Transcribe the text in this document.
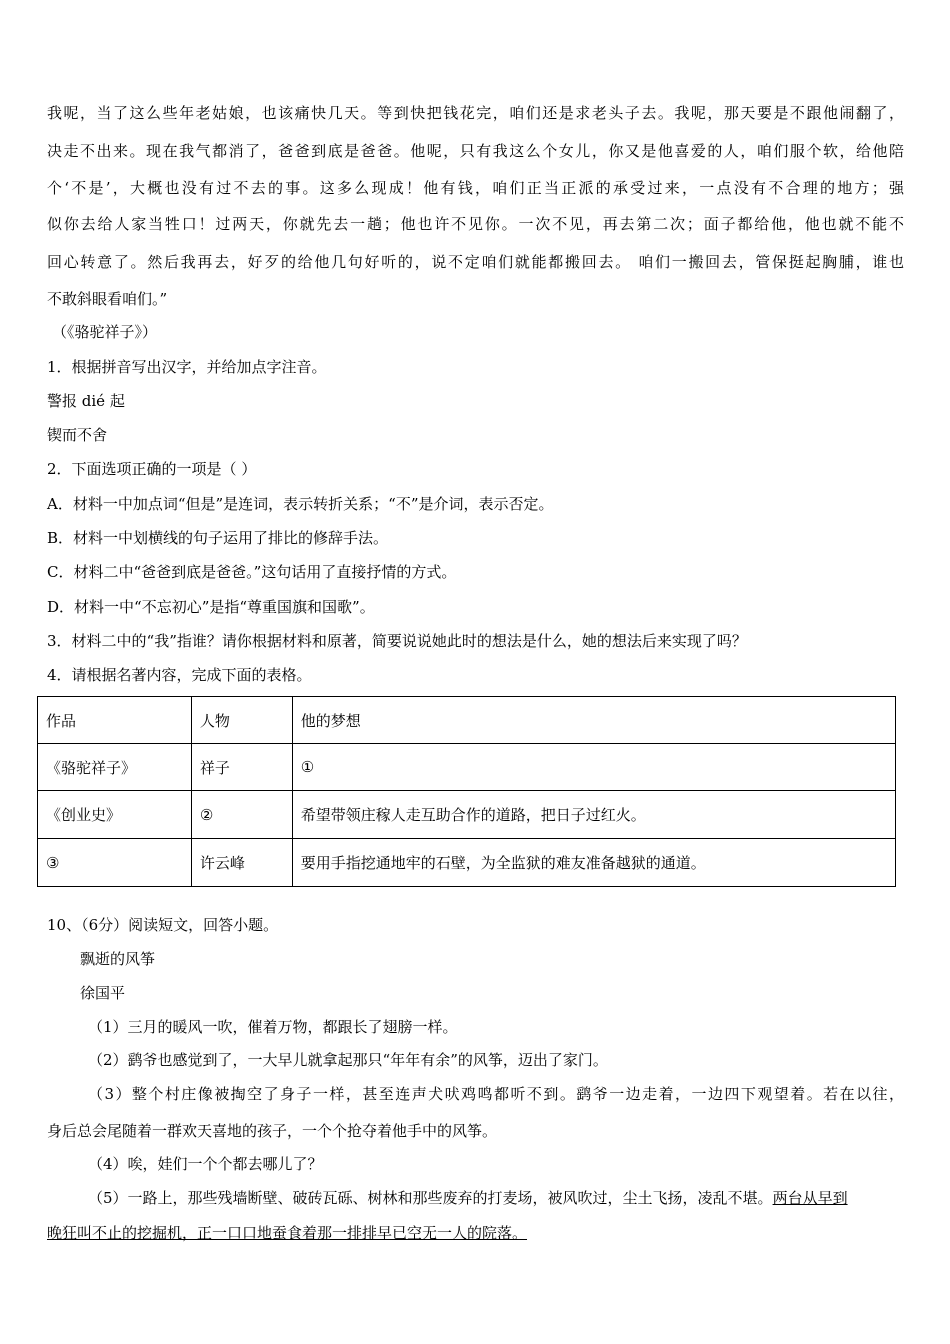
我呢，当了这么些年老姑娘，也该痛快几天。等到快把钱花完，咱们还是求老头子去。我呢，那天要是不跟他闹翻了，
决走不出来。现在我气都消了，爸爸到底是爸爸。他呢，只有我这么个女儿，你又是他喜爱的人，咱们服个软，给他陪
个‘不是’，大概也没有过不去的事。这多么现成！他有钱，咱们正当正派的承受过来，一点没有不合理的地方；强
似你去给人家当牲口！过两天，你就先去一趟；他也许不见你。一次不见，再去第二次；面子都给他，他也就不能不
回心转意了。然后我再去，好歹的给他几句好听的，说不定咱们就能都搬回去。 咱们一搬回去，管保挺起胸脯，谁也
不敢斜眼看咱们。”
（《骆驼祥子》）
1．根据拼音写出汉字，并给加点字注音。
警报 dié 起
锲而不舍
2．下面选项正确的一项是（ ）
A．材料一中加点词“但是”是连词，表示转折关系；“不”是介词，表示否定。
B．材料一中划横线的句子运用了排比的修辞手法。
C．材料二中“爸爸到底是爸爸。”这句话用了直接抒情的方式。
D．材料一中“不忘初心”是指“尊重国旗和国歌”。
3．材料二中的“我”指谁？请你根据材料和原著，简要说说她此时的想法是什么，她的想法后来实现了吗？
4．请根据名著内容，完成下面的表格。
作品	人物	他的梦想
《骆驼祥子》	祥子	①
《创业史》	②	希望带领庄稼人走互助合作的道路，把日子过红火。
③	许云峰	要用手指挖通地牢的石壁，为全监狱的难友准备越狱的通道。
10、（6分）阅读短文，回答小题。
飘逝的风筝
徐国平
（1）三月的暖风一吹，催着万物，都跟长了翅膀一样。
（2）鹞爷也感觉到了，一大早儿就拿起那只“年年有余”的风筝，迈出了家门。
（3）整个村庄像被掏空了身子一样，甚至连声犬吠鸡鸣都听不到。鹞爷一边走着，一边四下观望着。若在以往，
身后总会尾随着一群欢天喜地的孩子，一个个抢夺着他手中的风筝。
（4）唉，娃们一个个都去哪儿了？
（5）一路上，那些残墙断壁、破砖瓦砾、树林和那些废弃的打麦场，被风吹过，尘土飞扬，凌乱不堪。两台从早到
晚狂叫不止的挖掘机，正一口口地蚕食着那一排排早已空无一人的院落。
